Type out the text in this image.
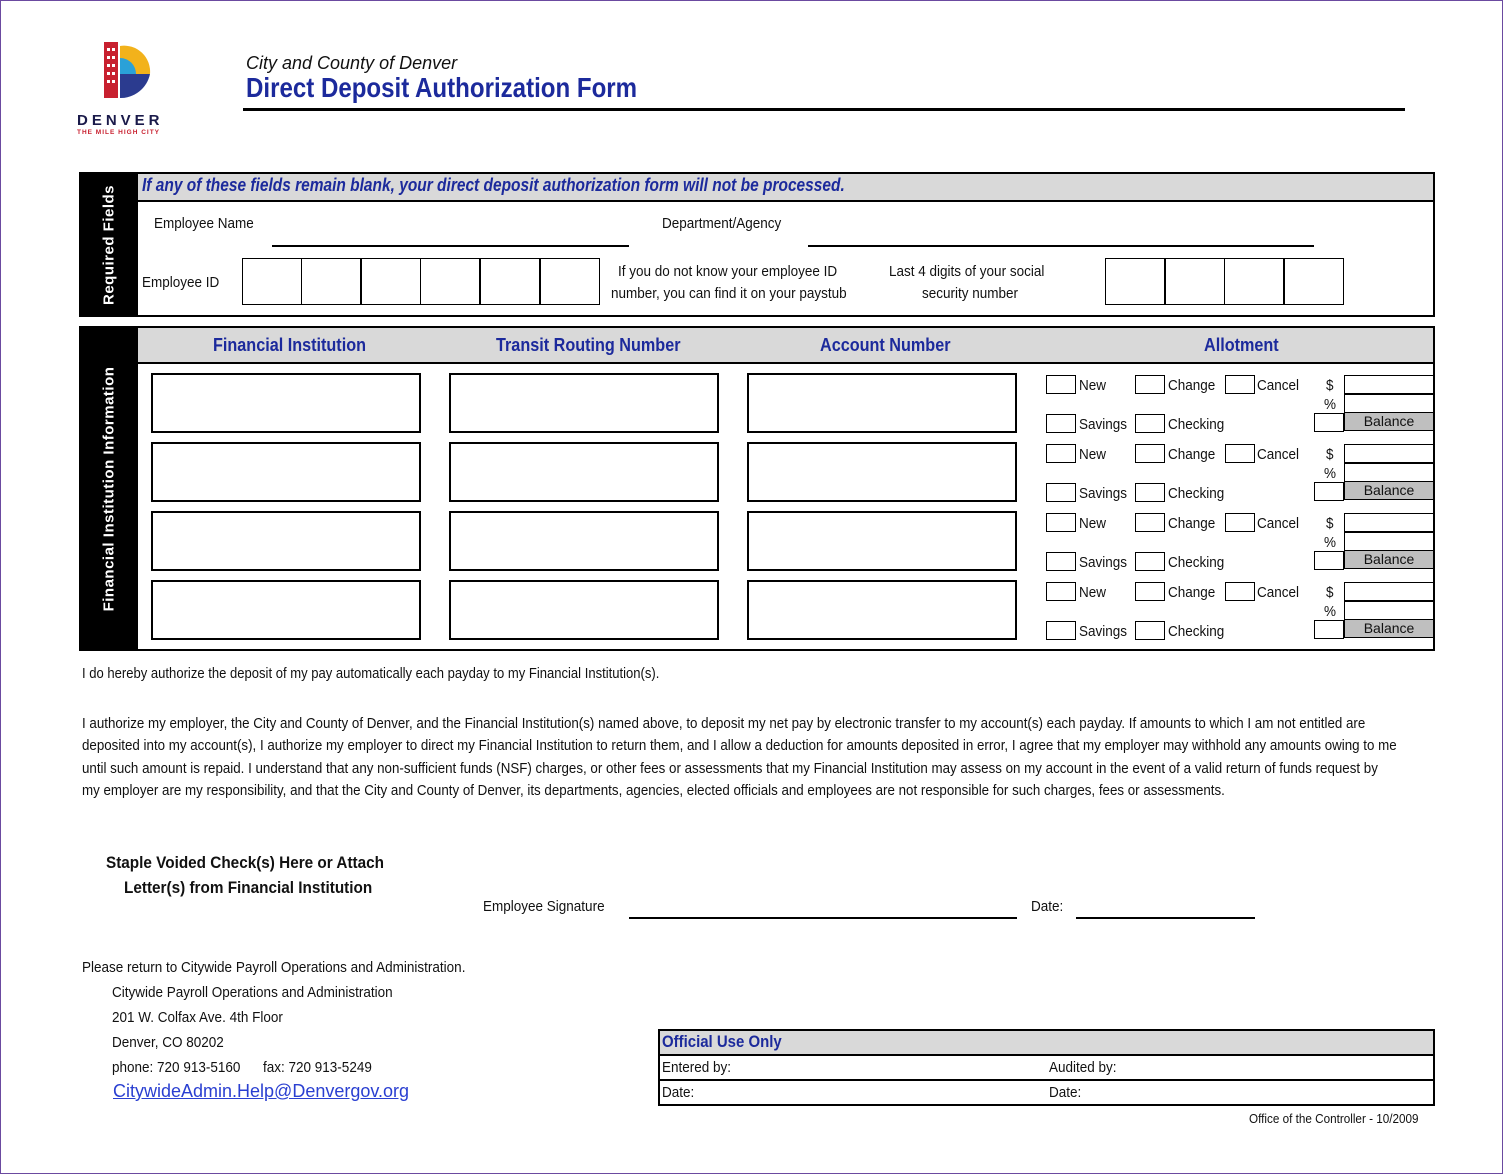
DENVER
THE MILE HIGH CITY
City and County of Denver
Direct Deposit Authorization Form
Required Fields If any of these fields remain blank, your direct deposit authorization form will not be processed.
Employee Name	Department/Agency
Employee ID
If you do not know your employee ID
number, you can find it on your paystub
Last 4 digits of your social
security number
Financial Institution Information
Financial Institution	Transit Routing Number	Account Number	Allotment
New	Change	Cancel $
%
Savings	Checking	Balance
New	Change	Cancel $
%
Savings	Checking	Balance
New	Change	Cancel $
%
Savings	Checking	Balance
New	Change	Cancel $
%
Savings	Checking	Balance
I do hereby authorize the deposit of my pay automatically each payday to my Financial Institution(s).
I authorize my employer, the City and County of Denver, and the Financial Institution(s) named above, to deposit my net pay by electronic transfer to my account(s) each payday. If amounts to which I am not entitled are deposited into my account(s), I authorize my employer to direct my Financial Institution to return them, and I allow a deduction for amounts deposited in error, I agree that my employer may withhold any amounts owing to me until such amount is repaid. I understand that any non-sufficient funds (NSF) charges, or other fees or assessments that my Financial Institution may assess on my account in the event of a valid return of funds request by my employer are my responsibility, and that the City and County of Denver, its departments, agencies, elected officials and employees are not responsible for such charges, fees or assessments.
Staple Voided Check(s) Here or Attach
Letter(s) from Financial Institution
Employee Signature	Date:
Please return to Citywide Payroll Operations and Administration.
Citywide Payroll Operations and Administration
201 W. Colfax Ave. 4th Floor
Denver, CO 80202
phone: 720 913-5160 fax: 720 913-5249
CitywideAdmin.Help@Denvergov.org
Official Use Only
Entered by:	Audited by:
Date:	Date:
Office of the Controller - 10/2009
